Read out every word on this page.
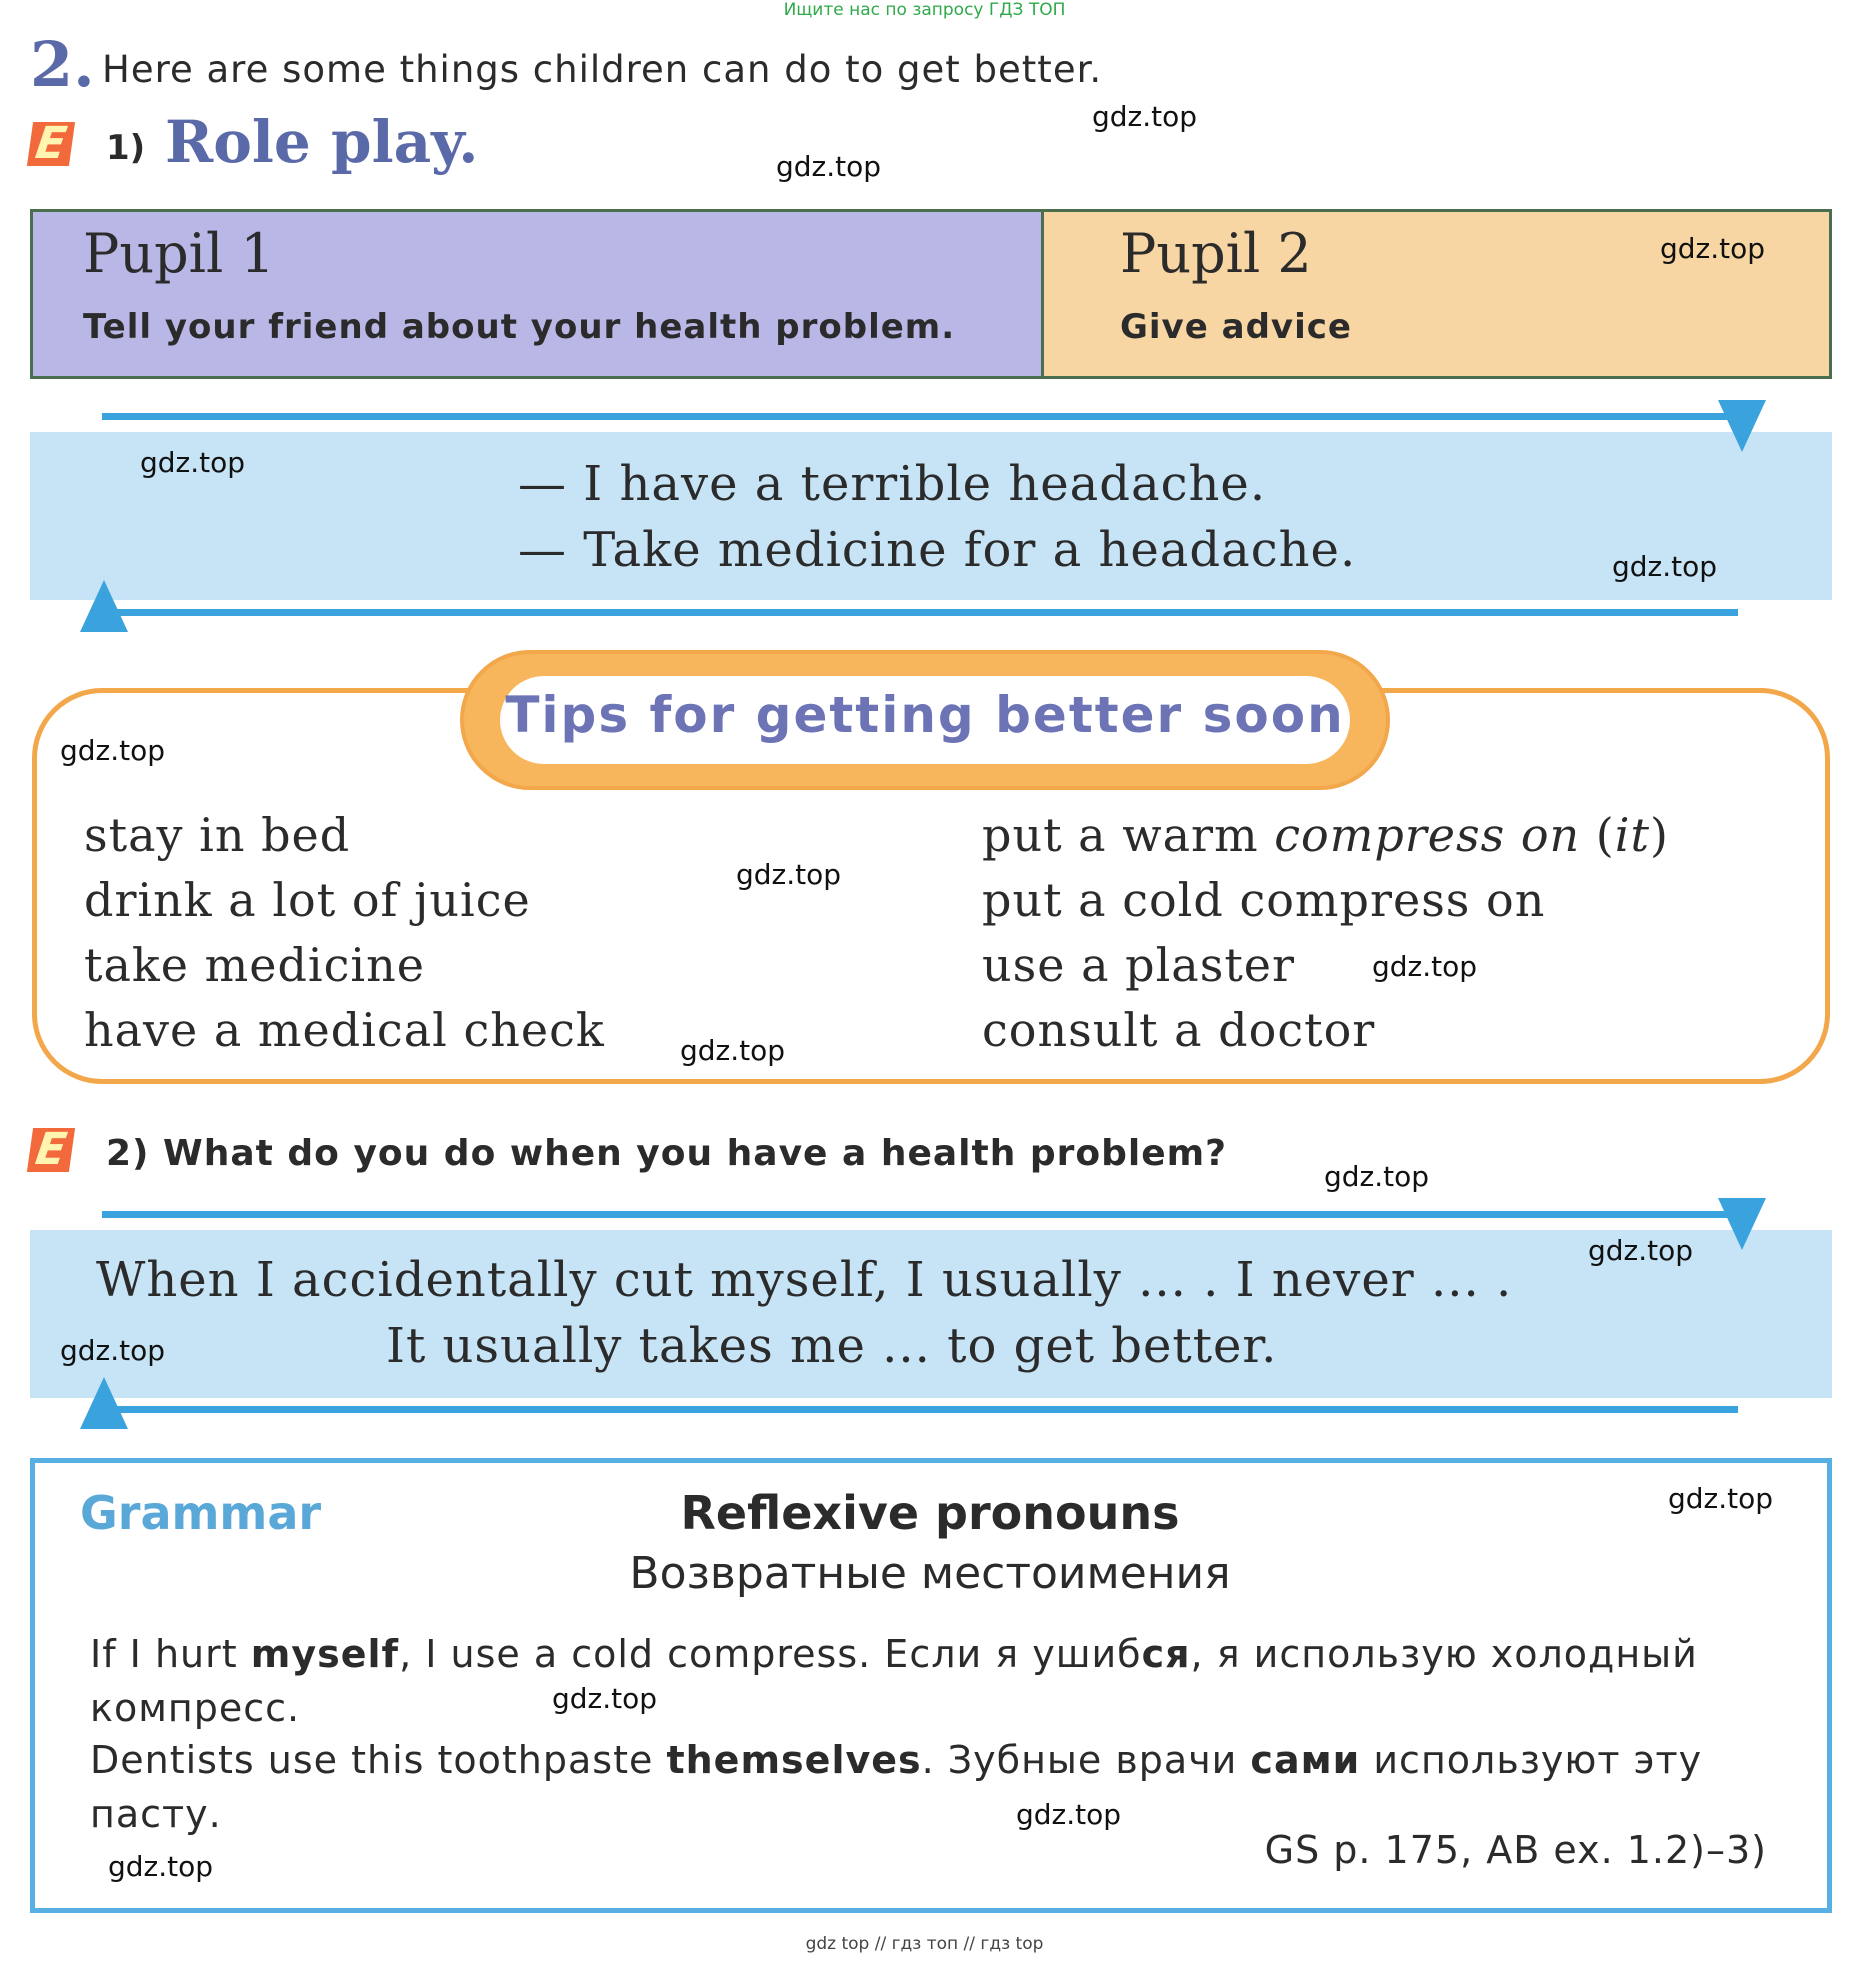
Ищите нас по запросу ГДЗ ТОП
2. Here are some things children can do to get better.
E 1) Role play.
Pupil 1
Tell your friend about your health problem.
Pupil 2
Give advice
— I have a terrible headache.
— Take medicine for a headache.
Tips for getting better soon
stay in bed
drink a lot of juice
take medicine
have a medical check
put a warm compress on (it)
put a cold compress on
use a plaster
consult a doctor
E 2) What do you do when you have a health problem?
When I accidentally cut myself, I usually ... . I never ... .
It usually takes me ... to get better.
Grammar	Reflexive pronouns
Возвратные местоимения
If I hurt myself, I use a cold compress. Если я ушибся, я использую холодный
компресс.
Dentists use this toothpaste themselves. Зубные врачи сами используют эту
пасту.
GS p. 175, AB ex. 1.2)–3)
gdz.top
gdz.top
gdz.top
gdz.top
gdz.top
gdz.top
gdz.top
gdz.top
gdz.top
gdz.top
gdz.top
gdz.top
gdz.top
gdz.top
gdz.top
gdz.top
gdz top // гдз топ // гдз top
